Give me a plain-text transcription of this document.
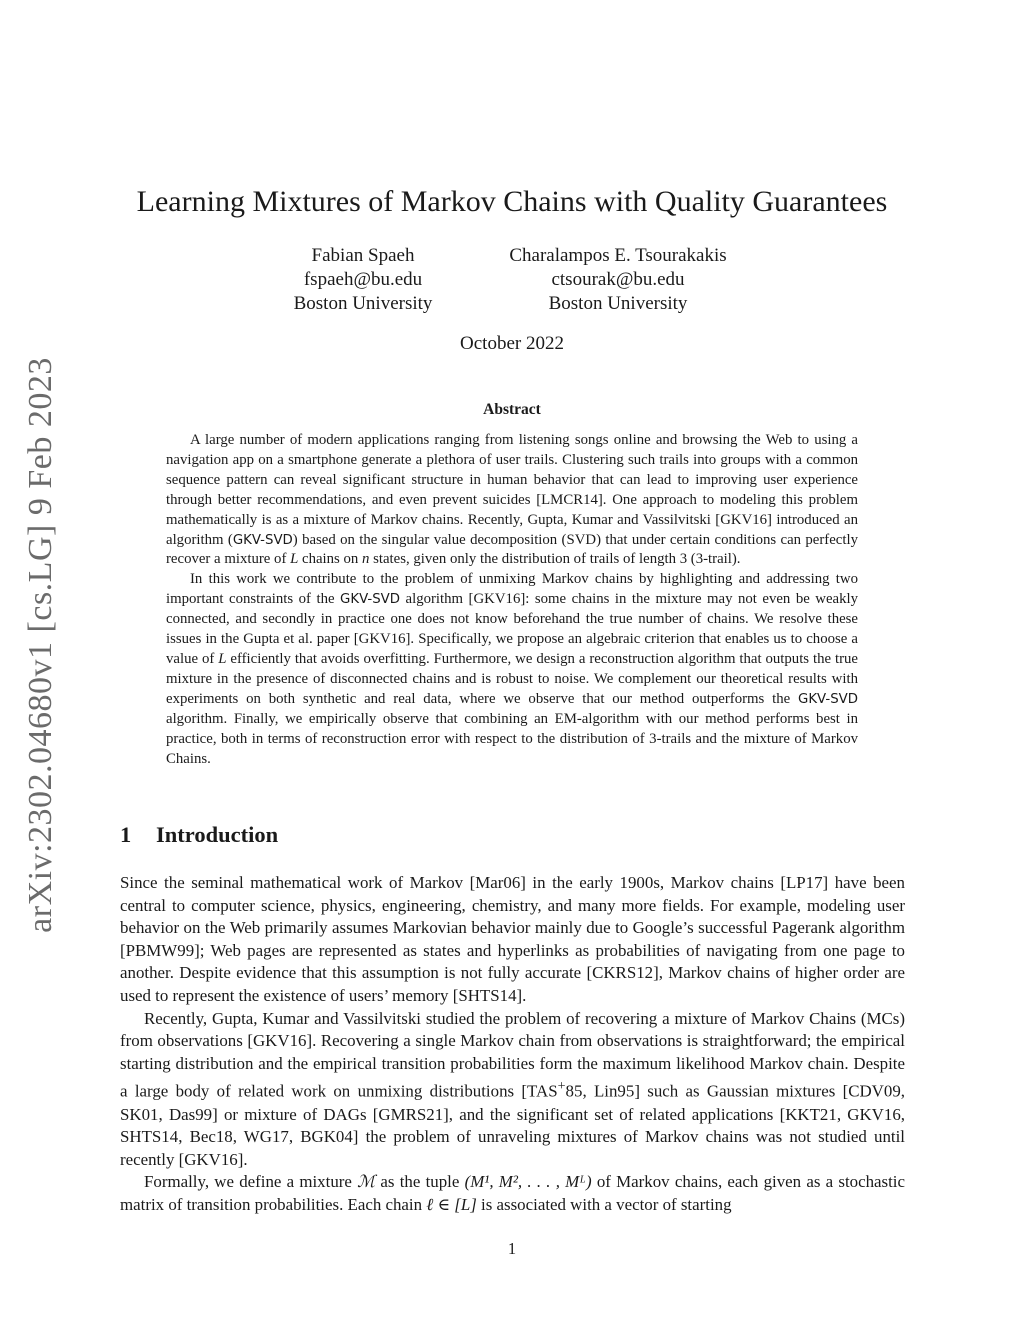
arXiv:2302.04680v1 [cs.LG] 9 Feb 2023
Learning Mixtures of Markov Chains with Quality Guarantees
Fabian Spaeh
fspaeh@bu.edu
Boston University
Charalampos E. Tsourakakis
ctsourak@bu.edu
Boston University
October 2022
Abstract

A large number of modern applications ranging from listening songs online and browsing the Web to using a navigation app on a smartphone generate a plethora of user trails. Clustering such trails into groups with a common sequence pattern can reveal significant structure in human behavior that can lead to improving user experience through better recommendations, and even prevent suicides [LMCR14]. One approach to modeling this problem mathematically is as a mixture of Markov chains. Recently, Gupta, Kumar and Vassilvitski [GKV16] introduced an algorithm (GKV-SVD) based on the singular value decomposition (SVD) that under certain conditions can perfectly recover a mixture of L chains on n states, given only the distribution of trails of length 3 (3-trail).

In this work we contribute to the problem of unmixing Markov chains by highlighting and addressing two important constraints of the GKV-SVD algorithm [GKV16]: some chains in the mixture may not even be weakly connected, and secondly in practice one does not know beforehand the true number of chains. We resolve these issues in the Gupta et al. paper [GKV16]. Specifically, we propose an algebraic criterion that enables us to choose a value of L efficiently that avoids overfitting. Furthermore, we design a reconstruction algorithm that outputs the true mixture in the presence of disconnected chains and is robust to noise. We complement our theoretical results with experiments on both synthetic and real data, where we observe that our method outperforms the GKV-SVD algorithm. Finally, we empirically observe that combining an EM-algorithm with our method performs best in practice, both in terms of reconstruction error with respect to the distribution of 3-trails and the mixture of Markov Chains.

1 Introduction

Since the seminal mathematical work of Markov [Mar06] in the early 1900s, Markov chains [LP17] have been central to computer science, physics, engineering, chemistry, and many more fields. For example, modeling user behavior on the Web primarily assumes Markovian behavior mainly due to Google’s successful Pagerank algorithm [PBMW99]; Web pages are represented as states and hyperlinks as probabilities of navigating from one page to another. Despite evidence that this assumption is not fully accurate [CKRS12], Markov chains of higher order are used to represent the existence of users’ memory [SHTS14].

Recently, Gupta, Kumar and Vassilvitski studied the problem of recovering a mixture of Markov Chains (MCs) from observations [GKV16]. Recovering a single Markov chain from observations is straightforward; the empirical starting distribution and the empirical transition probabilities form the maximum likelihood Markov chain. Despite a large body of related work on unmixing distributions [TAS+85, Lin95] such as Gaussian mixtures [CDV09, SK01, Das99] or mixture of DAGs [GMRS21], and the significant set of related applications [KKT21, GKV16, SHTS14, Bec18, WG17, BGK04] the problem of unraveling mixtures of Markov chains was not studied until recently [GKV16].

Formally, we define a mixture ℳ as the tuple (M¹, M², . . . , Mᴸ) of Markov chains, each given as a stochastic matrix of transition probabilities. Each chain ℓ ∈ [L] is associated with a vector of starting

1
